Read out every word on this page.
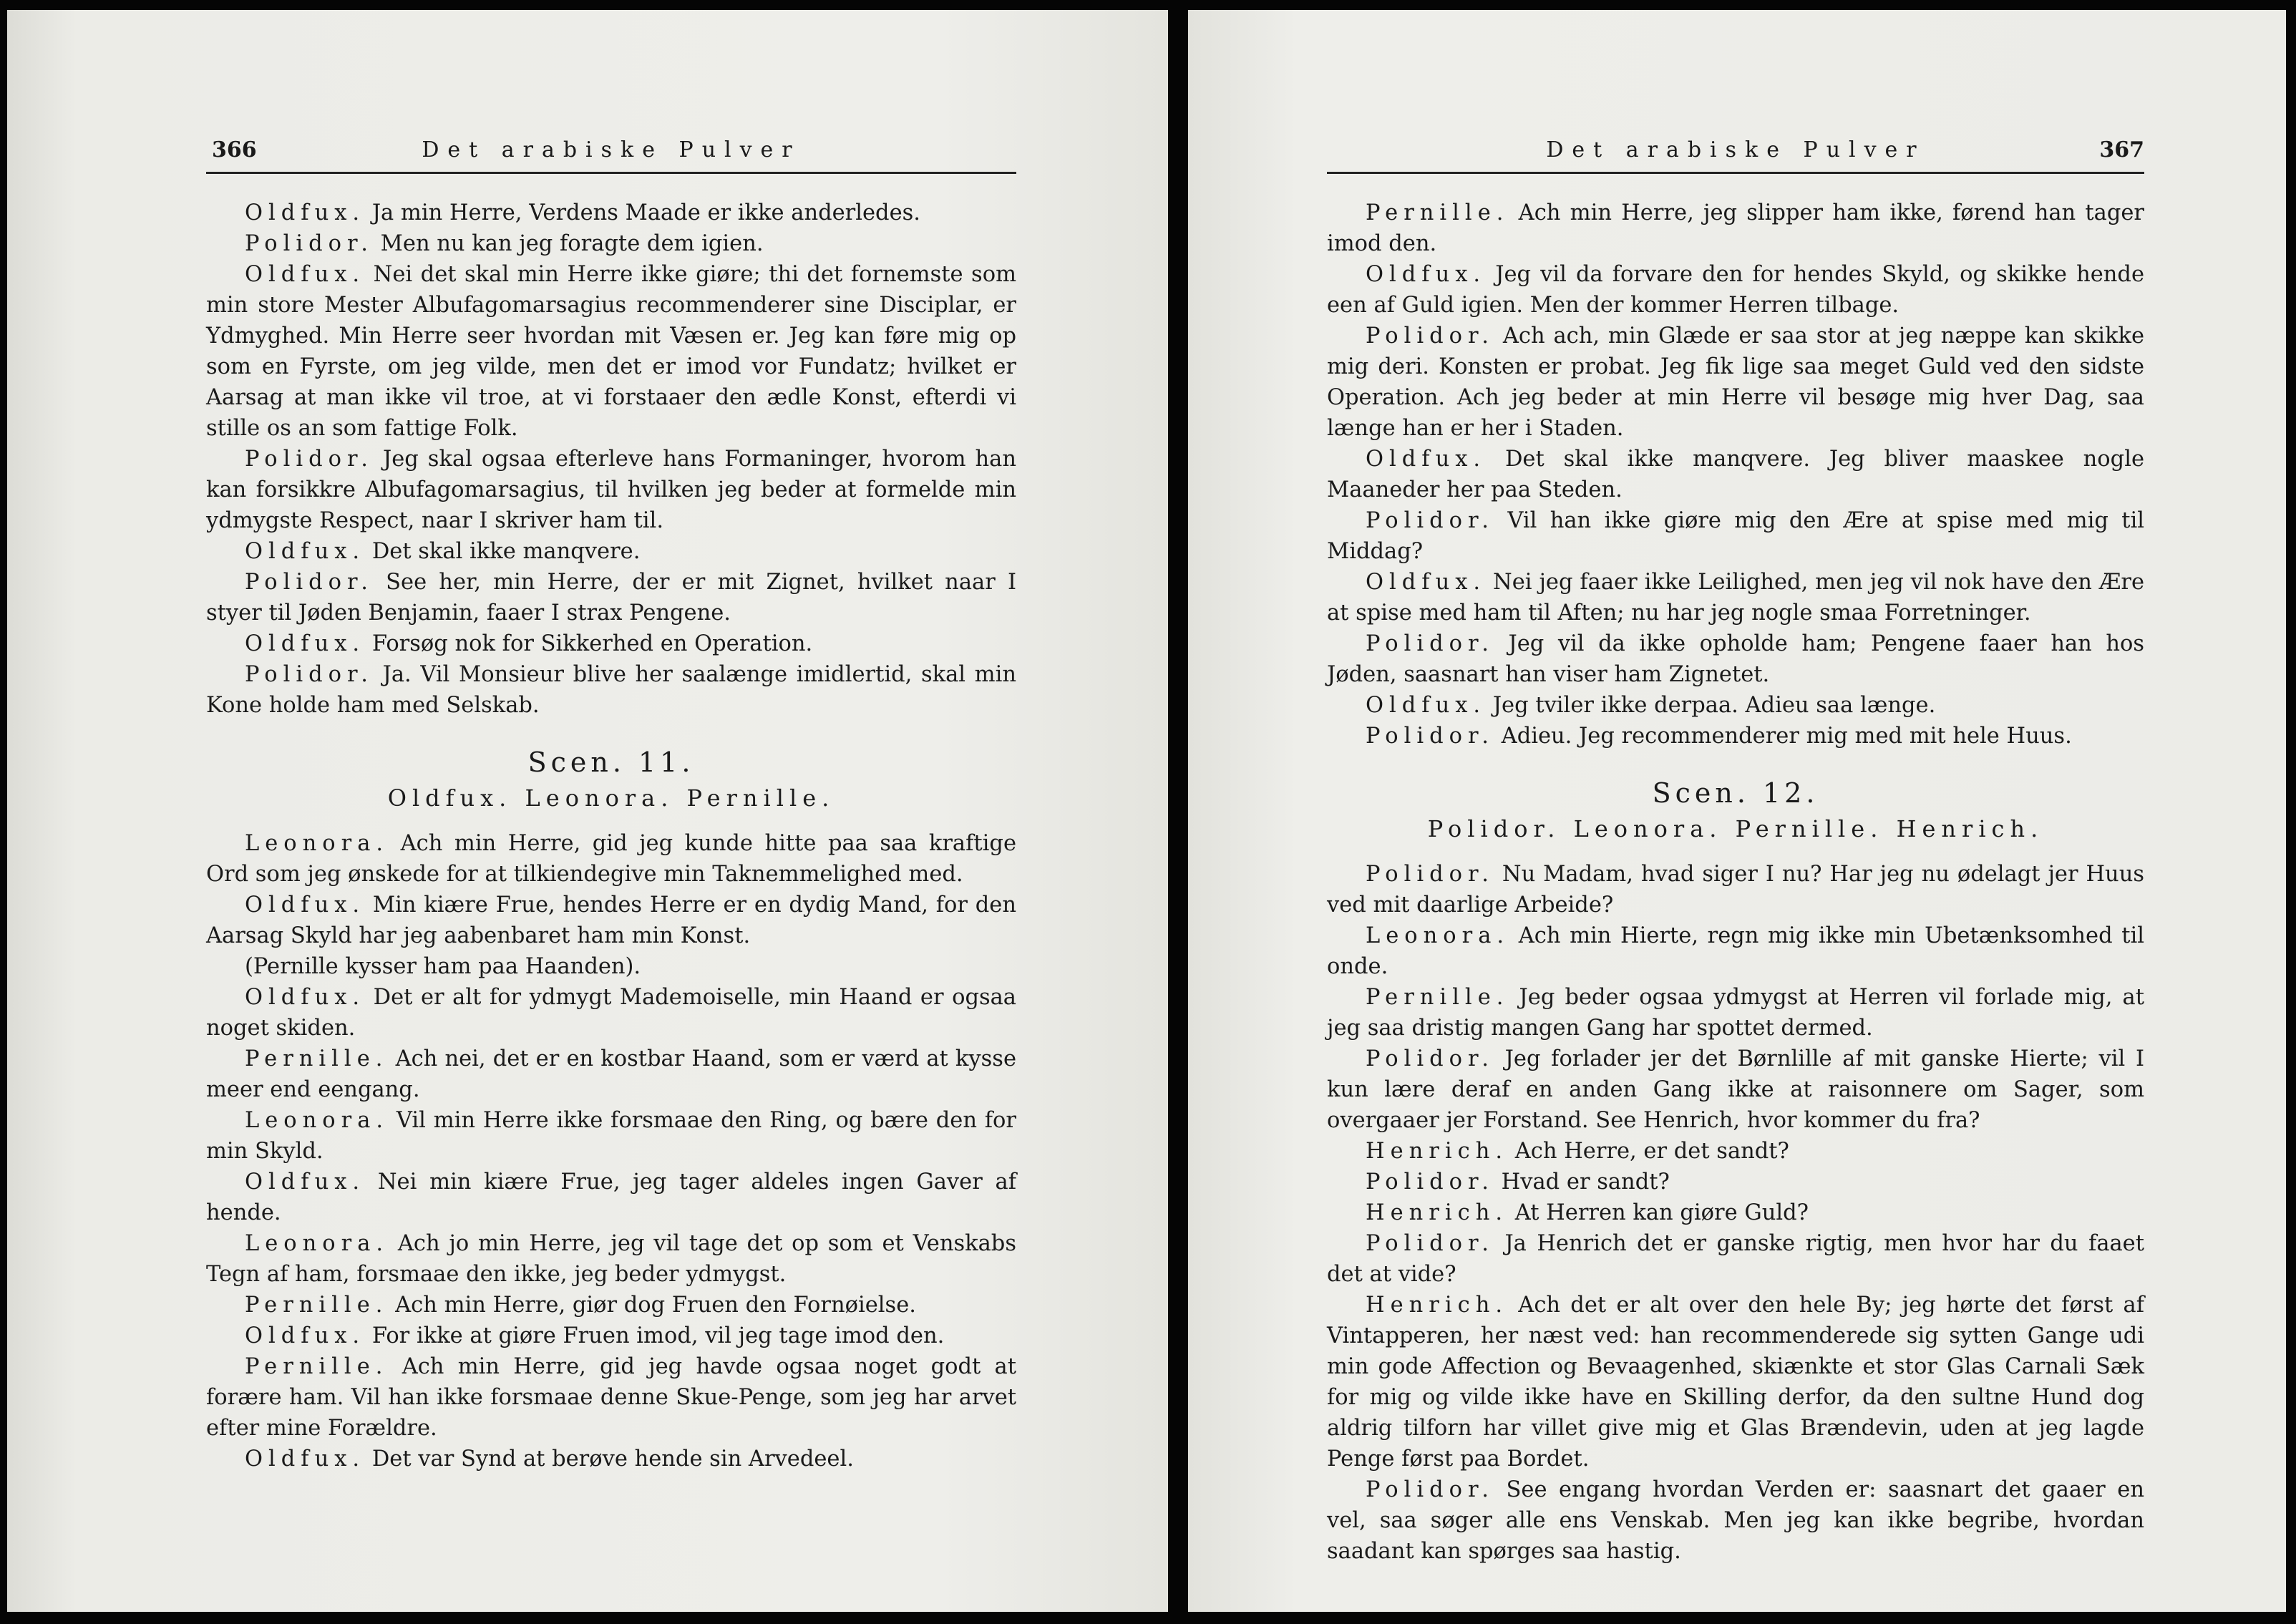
366	Det arabiske Pulver

Oldfux. Ja min Herre, Verdens Maade er ikke anderledes.

Polidor. Men nu kan jeg foragte dem igien.

Oldfux. Nei det skal min Herre ikke giøre; thi det fornemste som min store Mester Albufagomarsagius recommenderer sine Disciplar, er Ydmyghed. Min Herre seer hvordan mit Væsen er. Jeg kan føre mig op som en Fyrste, om jeg vilde, men det er imod vor Fundatz; hvilket er Aarsag at man ikke vil troe, at vi forstaaer den ædle Konst, efterdi vi stille os an som fattige Folk.

Polidor. Jeg skal ogsaa efterleve hans Formaninger, hvorom han kan forsikkre Albufagomarsagius, til hvilken jeg beder at formelde min ydmygste Respect, naar I skriver ham til.

Oldfux. Det skal ikke manqvere.

Polidor. See her, min Herre, der er mit Zignet, hvilket naar I styer til Jøden Benjamin, faaer I strax Pengene.

Oldfux. Forsøg nok for Sikkerhed en Operation.

Polidor. Ja. Vil Monsieur blive her saalænge imidlertid, skal min Kone holde ham med Selskab.

Scen. 11.
Oldfux. Leonora. Pernille.

Leonora. Ach min Herre, gid jeg kunde hitte paa saa kraftige Ord som jeg ønskede for at tilkiendegive min Taknemmelighed med.

Oldfux. Min kiære Frue, hendes Herre er en dydig Mand, for den Aarsag Skyld har jeg aabenbaret ham min Konst.

(Pernille kysser ham paa Haanden).

Oldfux. Det er alt for ydmygt Mademoiselle, min Haand er ogsaa noget skiden.

Pernille. Ach nei, det er en kostbar Haand, som er værd at kysse meer end eengang.

Leonora. Vil min Herre ikke forsmaae den Ring, og bære den for min Skyld.

Oldfux. Nei min kiære Frue, jeg tager aldeles ingen Gaver af hende.

Leonora. Ach jo min Herre, jeg vil tage det op som et Venskabs Tegn af ham, forsmaae den ikke, jeg beder ydmygst.

Pernille. Ach min Herre, giør dog Fruen den Fornøielse.

Oldfux. For ikke at giøre Fruen imod, vil jeg tage imod den.

Pernille. Ach min Herre, gid jeg havde ogsaa noget godt at forære ham. Vil han ikke forsmaae denne Skue-Penge, som jeg har arvet efter mine Forældre.

Oldfux. Det var Synd at berøve hende sin Arvedeel.

Det arabiske Pulver	367

Pernille. Ach min Herre, jeg slipper ham ikke, førend han tager imod den.

Oldfux. Jeg vil da forvare den for hendes Skyld, og skikke hende een af Guld igien. Men der kommer Herren tilbage.

Polidor. Ach ach, min Glæde er saa stor at jeg næppe kan skikke mig deri. Konsten er probat. Jeg fik lige saa meget Guld ved den sidste Operation. Ach jeg beder at min Herre vil besøge mig hver Dag, saa længe han er her i Staden.

Oldfux. Det skal ikke manqvere. Jeg bliver maaskee nogle Maaneder her paa Steden.

Polidor. Vil han ikke giøre mig den Ære at spise med mig til Middag?

Oldfux. Nei jeg faaer ikke Leilighed, men jeg vil nok have den Ære at spise med ham til Aften; nu har jeg nogle smaa Forretninger.

Polidor. Jeg vil da ikke opholde ham; Pengene faaer han hos Jøden, saasnart han viser ham Zignetet.

Oldfux. Jeg tviler ikke derpaa. Adieu saa længe.

Polidor. Adieu. Jeg recommenderer mig med mit hele Huus.

Scen. 12.
Polidor. Leonora. Pernille. Henrich.

Polidor. Nu Madam, hvad siger I nu? Har jeg nu ødelagt jer Huus ved mit daarlige Arbeide?

Leonora. Ach min Hierte, regn mig ikke min Ubetænksomhed til onde.

Pernille. Jeg beder ogsaa ydmygst at Herren vil forlade mig, at jeg saa dristig mangen Gang har spottet dermed.

Polidor. Jeg forlader jer det Børnlille af mit ganske Hierte; vil I kun lære deraf en anden Gang ikke at raisonnere om Sager, som overgaaer jer Forstand. See Henrich, hvor kommer du fra?

Henrich. Ach Herre, er det sandt?

Polidor. Hvad er sandt?

Henrich. At Herren kan giøre Guld?

Polidor. Ja Henrich det er ganske rigtig, men hvor har du faaet det at vide?

Henrich. Ach det er alt over den hele By; jeg hørte det først af Vintapperen, her næst ved: han recommenderede sig sytten Gange udi min gode Affection og Bevaagenhed, skiænkte et stor Glas Carnali Sæk for mig og vilde ikke have en Skilling derfor, da den sultne Hund dog aldrig tilforn har villet give mig et Glas Brændevin, uden at jeg lagde Penge først paa Bordet.

Polidor. See engang hvordan Verden er: saasnart det gaaer en vel, saa søger alle ens Venskab. Men jeg kan ikke begribe, hvordan saadant kan spørges saa hastig.
